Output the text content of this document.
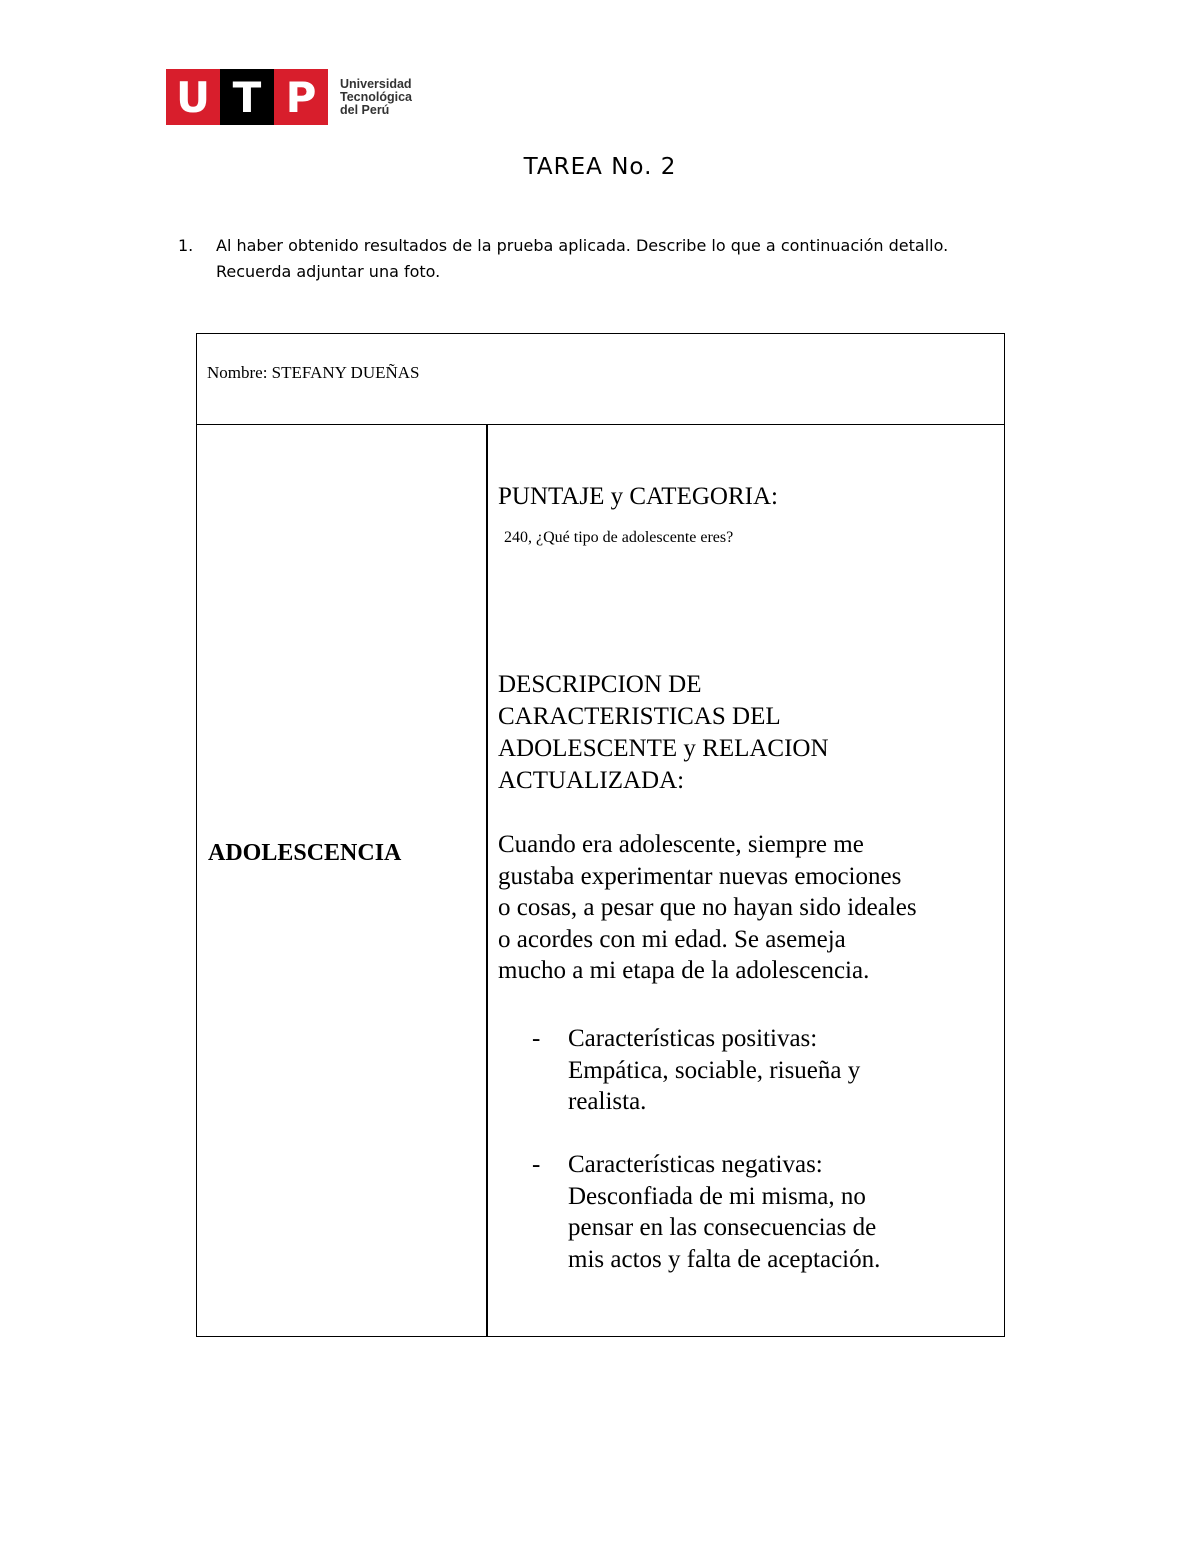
U T P	Universidad
Tecnológica
del Perú
TAREA No. 2
1.	Al haber obtenido resultados de la prueba aplicada. Describe lo que a continuación detallo.
Recuerda adjuntar una foto.
Nombre: STEFANY DUEÑAS
ADOLESCENCIA
PUNTAJE y CATEGORIA:
240, ¿Qué tipo de adolescente eres?
DESCRIPCION DE CARACTERISTICAS DEL ADOLESCENTE y RELACION ACTUALIZADA:
Cuando era adolescente, siempre me gustaba experimentar nuevas emociones o cosas, a pesar que no hayan sido ideales o acordes con mi edad. Se asemeja mucho a mi etapa de la adolescencia.
-	Características positivas: Empática, sociable, risueña y realista.
-	Características negativas: Desconfiada de mi misma, no pensar en las consecuencias de mis actos y falta de aceptación.
